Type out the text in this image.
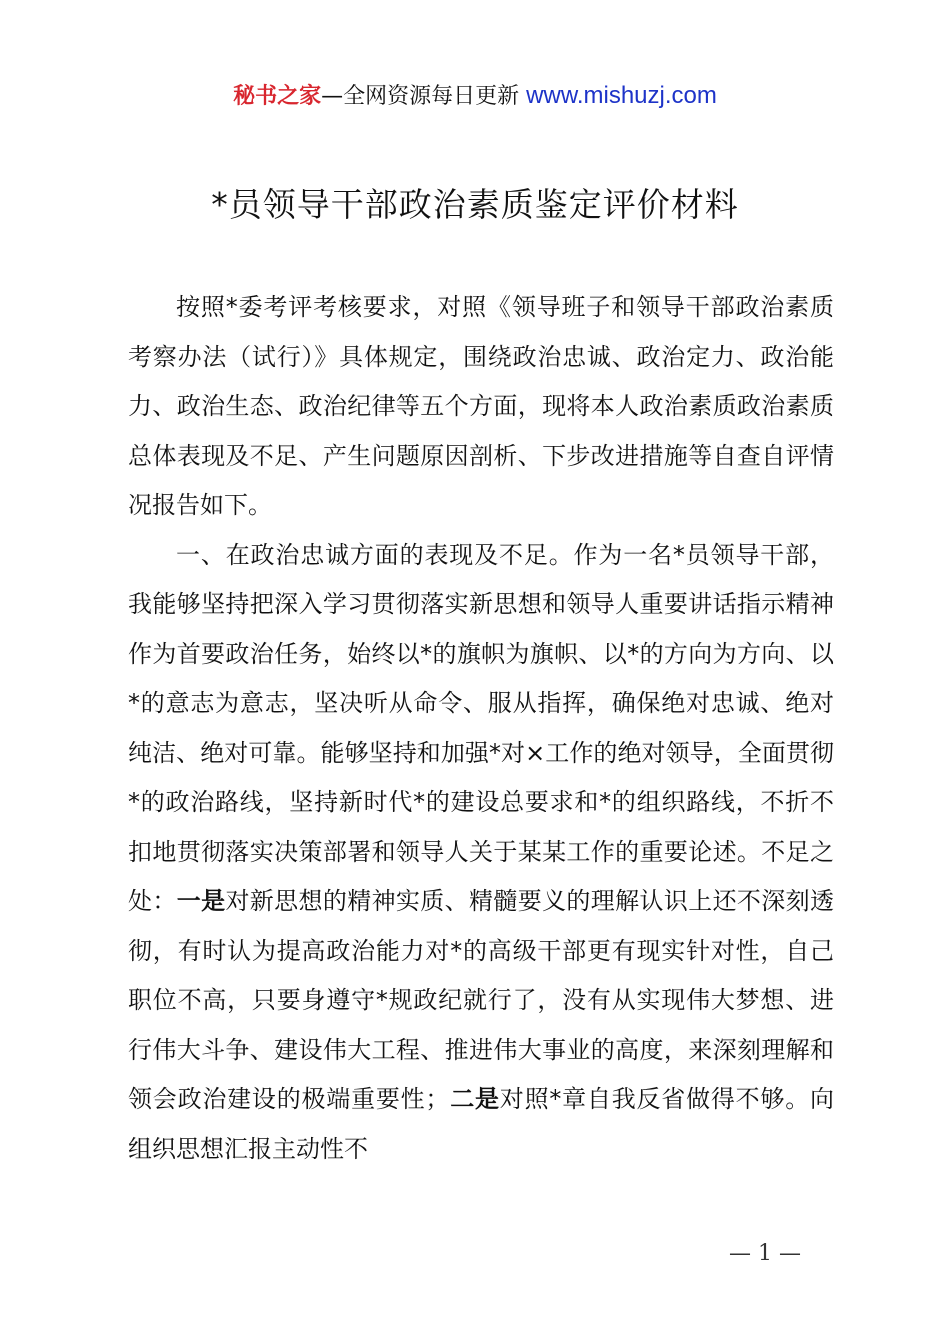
秘书之家—全网资源每日更新 www.mishuzj.com
*员领导干部政治素质鉴定评价材料

按照*委考评考核要求，对照《领导班子和领导干部政治素质考察办法（试行）》具体规定，围绕政治忠诚、政治定力、政治能力、政治生态、政治纪律等五个方面，现将本人政治素质政治素质总体表现及不足、产生问题原因剖析、下步改进措施等自查自评情况报告如下。

一、在政治忠诚方面的表现及不足。作为一名*员领导干部，我能够坚持把深入学习贯彻落实新思想和领导人重要讲话指示精神作为首要政治任务，始终以*的旗帜为旗帜、以*的方向为方向、以*的意志为意志，坚决听从命令、服从指挥，确保绝对忠诚、绝对纯洁、绝对可靠。能够坚持和加强*对×工作的绝对领导，全面贯彻*的政治路线，坚持新时代*的建设总要求和*的组织路线，不折不扣地贯彻落实决策部署和领导人关于某某工作的重要论述。不足之处：一是对新思想的精神实质、精髓要义的理解认识上还不深刻透彻，有时认为提高政治能力对*的高级干部更有现实针对性，自己职位不高，只要身遵守*规政纪就行了，没有从实现伟大梦想、进行伟大斗争、建设伟大工程、推进伟大事业的高度，来深刻理解和领会政治建设的极端重要性；二是对照*章自我反省做得不够。向组织思想汇报主动性不

— 1 —
